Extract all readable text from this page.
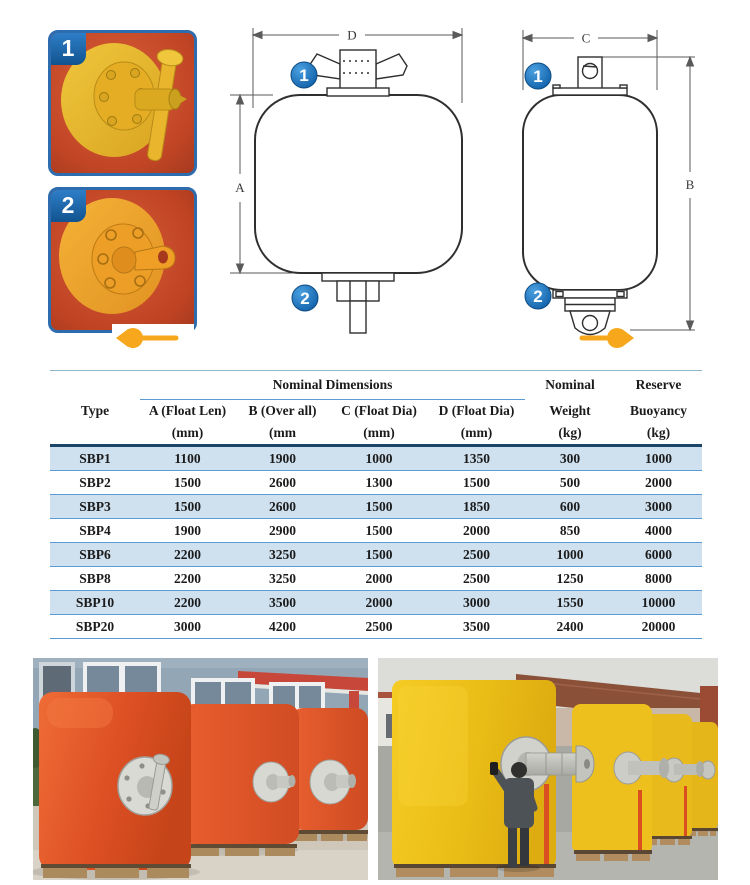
1
2
D
A
1
2
C
B
1
2
	Nominal Dimensions				Nominal	Reserve
Type	A (Float Len)	B (Over all)	C (Float Dia)	D (Float Dia)	Weight	Buoyancy
	(mm)	(mm	(mm)	(mm)	(kg)	(kg)
SBP1	1100	1900	1000	1350	300	1000
SBP2	1500	2600	1300	1500	500	2000
SBP3	1500	2600	1500	1850	600	3000
SBP4	1900	2900	1500	2000	850	4000
SBP6	2200	3250	1500	2500	1000	6000
SBP8	2200	3250	2000	2500	1250	8000
SBP10	2200	3500	2000	3000	1550	10000
SBP20	3000	4200	2500	3500	2400	20000
